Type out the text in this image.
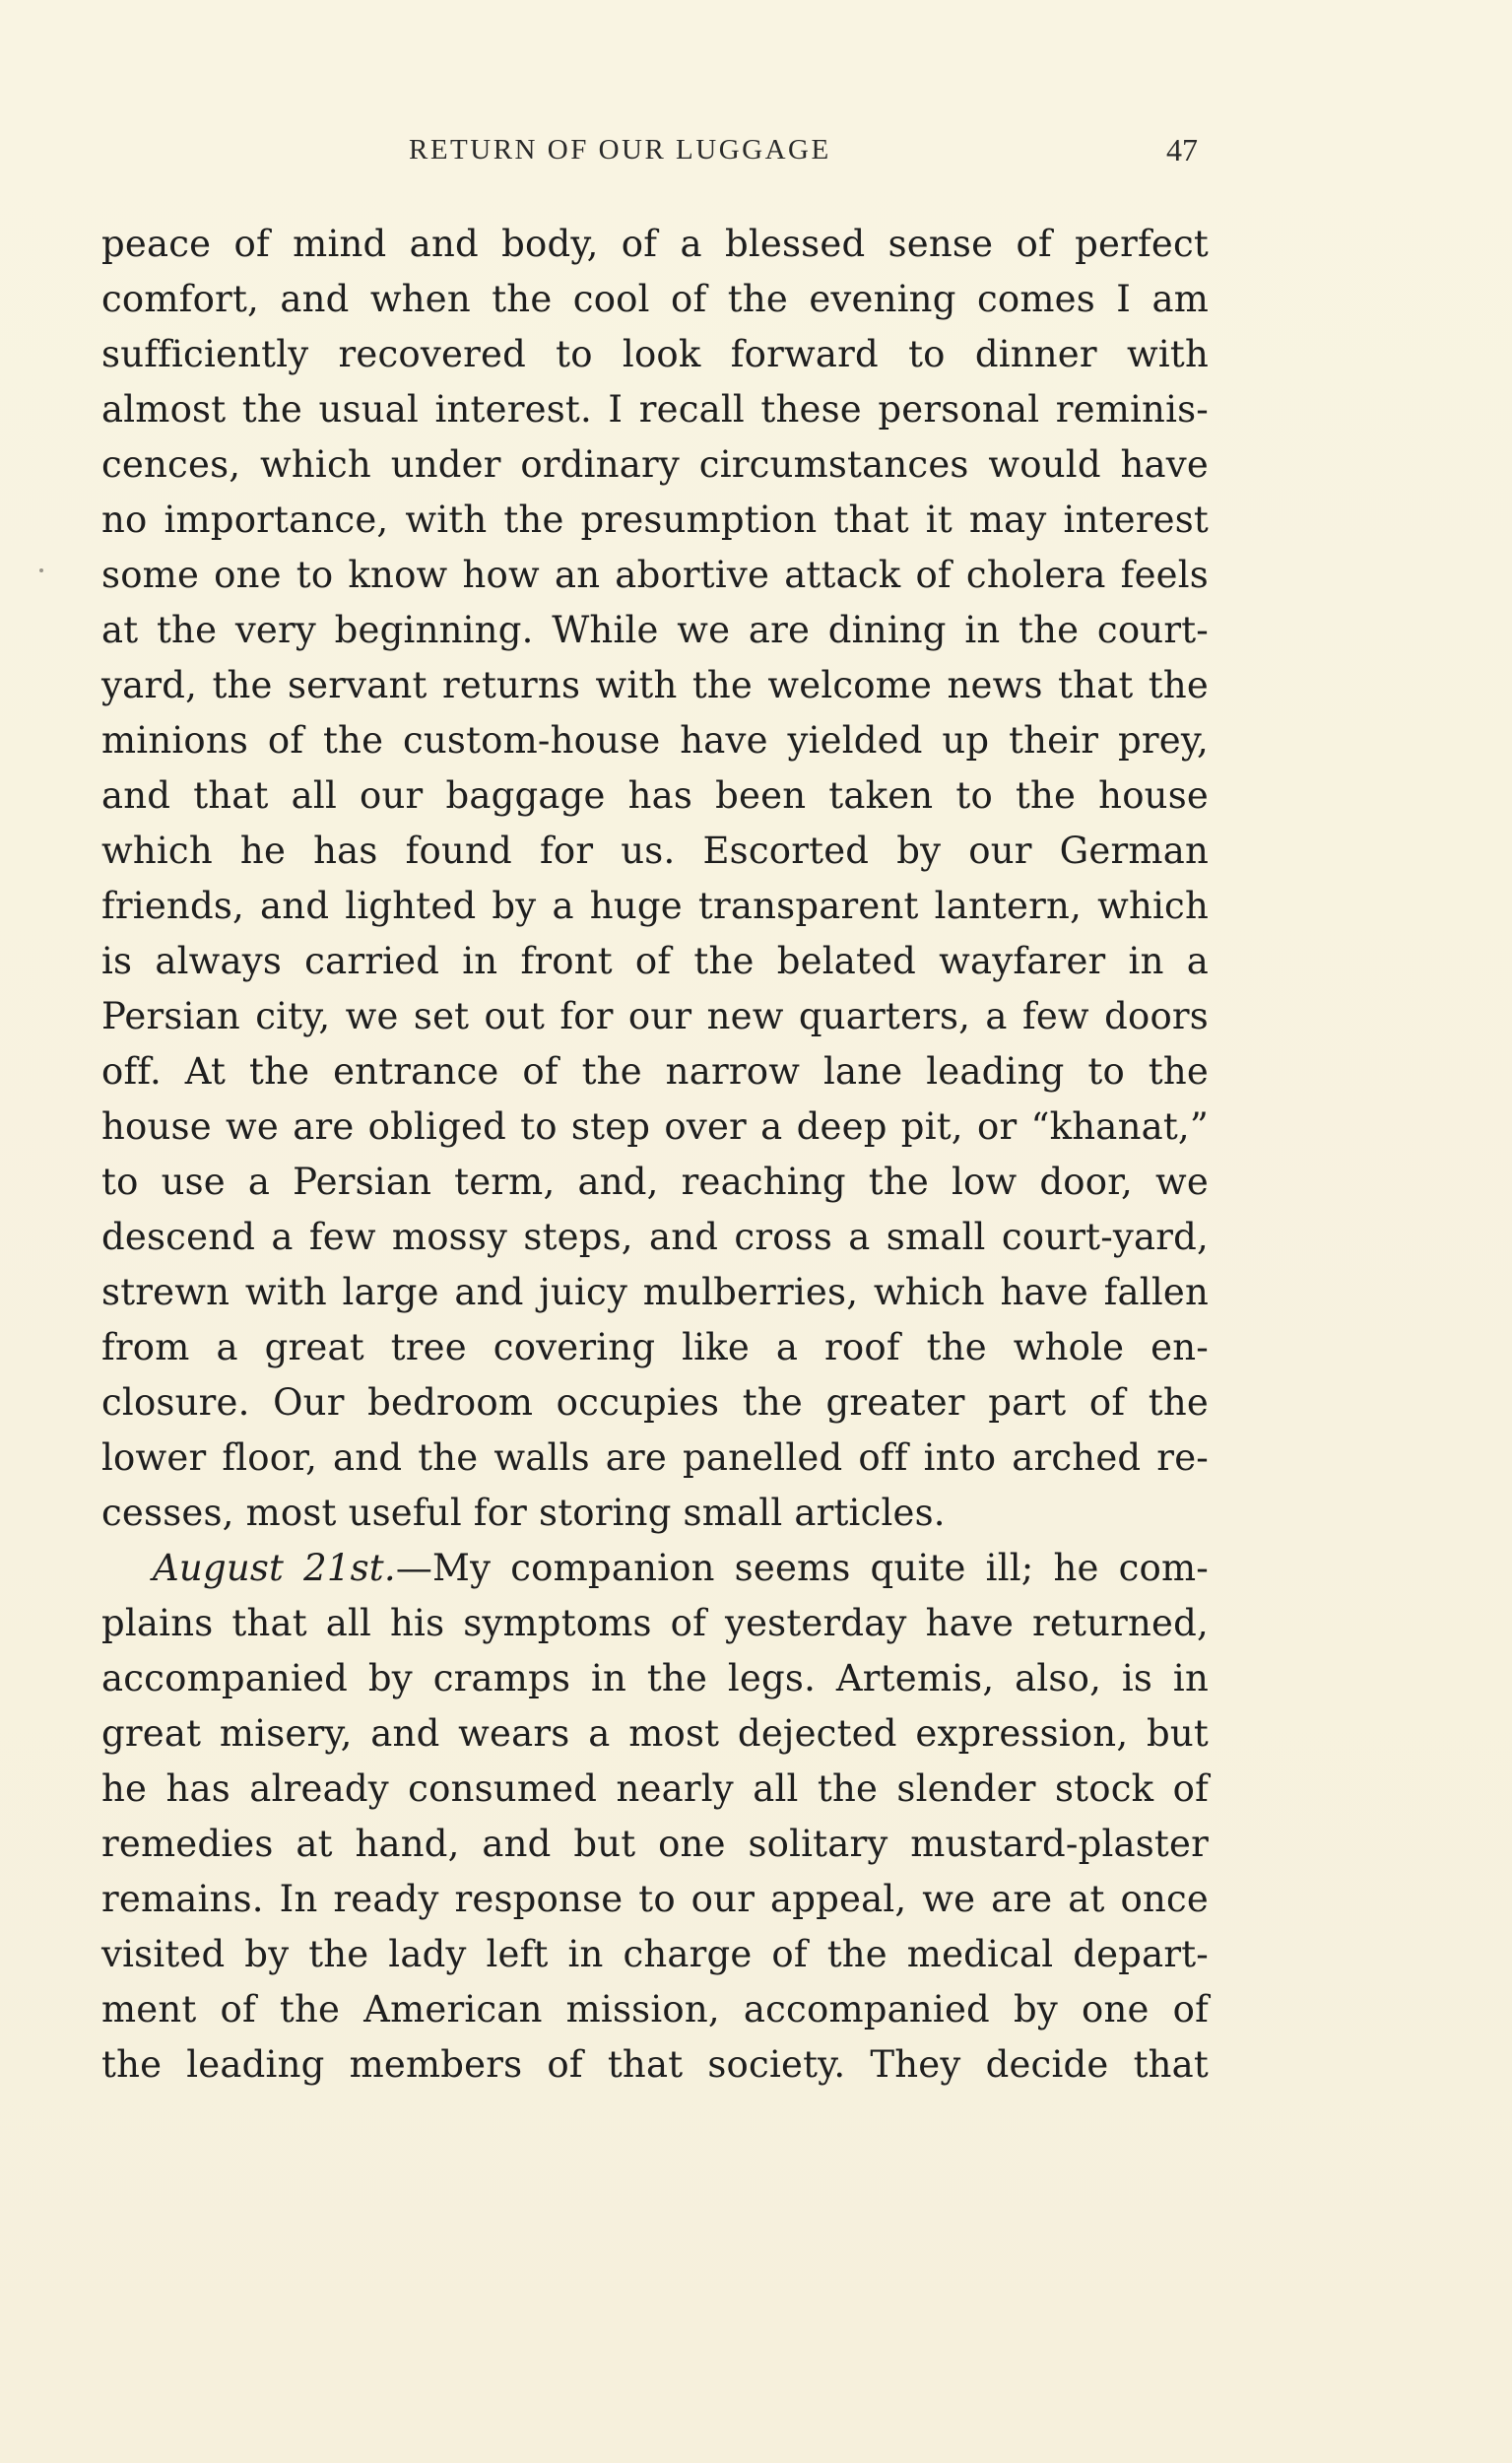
RETURN OF OUR LUGGAGE	47
peace of mind and body, of a blessed sense of perfect
comfort, and when the cool of the evening comes I am
sufficiently recovered to look forward to dinner with
almost the usual interest. I recall these personal reminis-
cences, which under ordinary circumstances would have
no importance, with the presumption that it may interest
some one to know how an abortive attack of cholera feels
at the very beginning. While we are dining in the court-
yard, the servant returns with the welcome news that the
minions of the custom-house have yielded up their prey,
and that all our baggage has been taken to the house
which he has found for us. Escorted by our German
friends, and lighted by a huge transparent lantern, which
is always carried in front of the belated wayfarer in a
Persian city, we set out for our new quarters, a few doors
off. At the entrance of the narrow lane leading to the
house we are obliged to step over a deep pit, or “khanat,”
to use a Persian term, and, reaching the low door, we
descend a few mossy steps, and cross a small court-yard,
strewn with large and juicy mulberries, which have fallen
from a great tree covering like a roof the whole en-
closure. Our bedroom occupies the greater part of the
lower floor, and the walls are panelled off into arched re-
cesses, most useful for storing small articles.
August 21st.—My companion seems quite ill; he com-
plains that all his symptoms of yesterday have returned,
accompanied by cramps in the legs. Artemis, also, is in
great misery, and wears a most dejected expression, but
he has already consumed nearly all the slender stock of
remedies at hand, and but one solitary mustard-plaster
remains. In ready response to our appeal, we are at once
visited by the lady left in charge of the medical depart-
ment of the American mission, accompanied by one of
the leading members of that society. They decide that
